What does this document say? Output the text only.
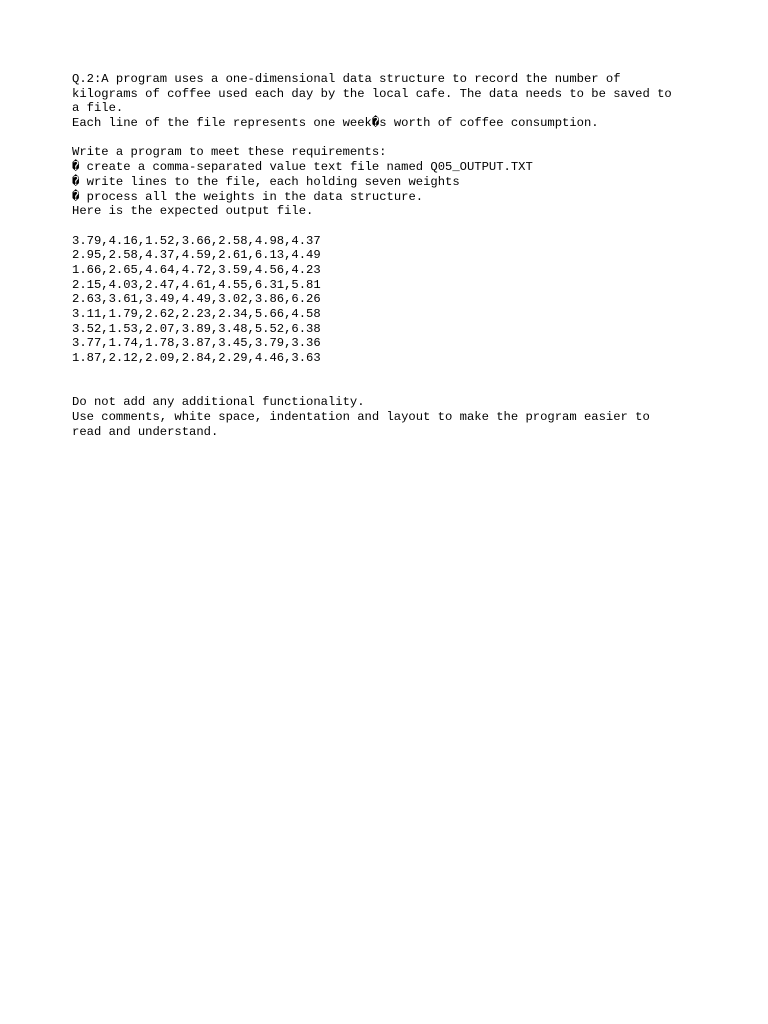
Q.2:A program uses a one-dimensional data structure to record the number of
kilograms of coffee used each day by the local cafe. The data needs to be saved to
a file.
Each line of the file represents one week�s worth of coffee consumption.
Write a program to meet these requirements:
� create a comma-separated value text file named Q05_OUTPUT.TXT
� write lines to the file, each holding seven weights
� process all the weights in the data structure.
Here is the expected output file.
3.79,4.16,1.52,3.66,2.58,4.98,4.37
2.95,2.58,4.37,4.59,2.61,6.13,4.49
1.66,2.65,4.64,4.72,3.59,4.56,4.23
2.15,4.03,2.47,4.61,4.55,6.31,5.81
2.63,3.61,3.49,4.49,3.02,3.86,6.26
3.11,1.79,2.62,2.23,2.34,5.66,4.58
3.52,1.53,2.07,3.89,3.48,5.52,6.38
3.77,1.74,1.78,3.87,3.45,3.79,3.36
1.87,2.12,2.09,2.84,2.29,4.46,3.63
Do not add any additional functionality.
Use comments, white space, indentation and layout to make the program easier to
read and understand.
